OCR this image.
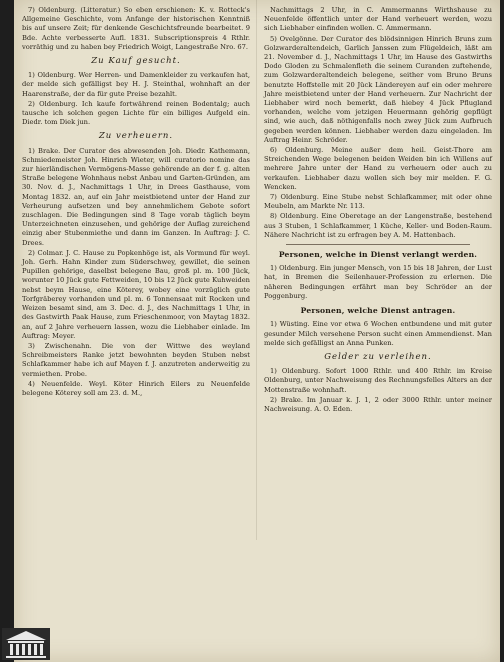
7) Oldenburg. (Litteratur.) So eben erschienen: K. v. Rotteck's Allgemeine Geschichte, vom Anfange der historischen Kenntniß bis auf unsere Zeit; für denkende Geschichtsfreunde bearbeitet. 9 Bde. Achte verbesserte Aufl. 1831. Subscriptionspreis 4 Rthlr. vorräthig und zu haben bey Friedrich Woigt, Langestraße Nro. 67.

Zu Kauf gesucht.

1) Oldenburg. Wer Herren- und Damenkleider zu verkaufen hat, der melde sich gefälligst bey H. J. Steinthal, wohnhaft an der Haarenstraße, der da für gute Preise bezahlt.

2) Oldenburg. Ich kaufe fortwährend reinen Bodentalg; auch tausche ich solchen gegen Lichte für ein billiges Aufgeld ein. Diedr. tom Diek jun.

Zu verheuern.

1) Brake. Der Curator des abwesenden Joh. Diedr. Kathemann, Schmiedemeister Joh. Hinrich Wieter, will curatorio nomine das zur hierländischen Vermögens-Masse gehörende an der f. g. alten Straße belegene Wohnhaus nebst Anbau und Garten-Gründen, am 30. Nov. d. J., Nachmittags 1 Uhr, in Drees Gasthause, vom Montag 1832. an, auf ein Jahr meistbietend unter der Hand zur Verheurung aufsetzen und bey annehmlichem Gebote sofort zuschlagen. Die Bedingungen sind 8 Tage vorab täglich beym Unterzeichneten einzusehen, und gehörige der Auflag zureichend einzig aber Stubenmiethe und dann im Ganzen. In Auftrag: J. C. Drees.

2) Colmar. J. C. Hause zu Popkenhöge ist, als Vormund für weyl. Joh. Gerh. Hahn Kinder zum Süderschwey, gewillet, die seinen Pupillen gehörige, daselbst belegene Bau, groß pl. m. 100 Jück, worunter 10 Jück gute Fettweiden, 10 bis 12 Jück gute Kuhweiden nebst beym Hause, eine Köterey, wobey eine vorzüglich gute Torfgräberey vorhanden und pl. m. 6 Tonnensaat mit Rocken und Weizen besamt sind, am 3. Dec. d. J., des Nachmittags 1 Uhr, in des Gastwirth Paak Hause, zum Frieschenmoor, von Maytag 1832. an, auf 2 Jahre verheuern lassen, wozu die Liebhaber einlade. Im Auftrag: Meyer.

3) Zwischenahn. Die von der Wittwe des weyland Schreibmeisters Ranke jetzt bewohnten beyden Stuben nebst Schlafkammer habe ich auf Mayen f. J. anzutreten anderweitig zu vermiethen. Probe.

4) Neuenfelde. Weyl. Köter Hinrich Eilers zu Neuenfelde belegene Köterey soll am 23. d. M.,

Nachmittags 2 Uhr, in C. Ammermanns Wirthshause zu Neuenfelde öffentlich unter der Hand verheuert werden, wozu sich Liebhaber einfinden wollen. C. Ammermann.

5) Ovelgönne. Der Curator des blödsinnigen Hinrich Bruns zum Golzwarderaltendeich, Garlich Janssen zum Flügeldeich, läßt am 21. November d. J., Nachmittags 1 Uhr, im Hause des Gastwirths Dodo Gloden zu Schmalenfleth die seinem Curanden zuftehende, zum Golzwarderaltendeich belegene, seither vom Bruno Bruns benutzte Hoffstelle mit 20 Jück Ländereyen auf ein oder mehrere Jahre meistbietend unter der Hand verheuern. Zur Nachricht der Liebhaber wird noch bemerkt, daß hiebey 4 Jück Pflugland vorhanden, welche vom jetzigen Heuermann gehörig gepflügt sind, wie auch, daß nöthigenfalls noch zwey Jück zum Aufbruch gegeben werden können. Liebhaber werden dazu eingeladen. Im Auftrag Heinr. Schröder.

6) Oldenburg. Meine außer dem heil. Geist-Thore am Streichenden Wege belegenen beiden Weiden bin ich Willens auf mehrere Jahre unter der Hand zu verheuern oder auch zu verkaufen. Liebhaber dazu wollen sich bey mir melden. F. G. Wencken.

7) Oldenburg. Eine Stube nebst Schlafkammer, mit oder ohne Meubeln, am Markte Nr. 113.

8) Oldenburg. Eine Oberetage an der Langenstraße, bestehend aus 3 Stuben, 1 Schlafkammer, 1 Küche, Keller- und Boden-Raum. Nähere Nachricht ist zu erfragen bey A. M. Hattenbach.

Personen, welche in Dienst verlangt werden.

1) Oldenburg. Ein junger Mensch, von 15 bis 18 Jahren, der Lust hat, in Bremen die Seilenhauer-Profession zu erlernen. Die näheren Bedingungen erfährt man bey Schröder an der Poggenburg.

Personen, welche Dienst antragen.

1) Wüsting. Eine vor etwa 6 Wochen entbundene und mit guter gesunder Milch versehene Person sucht einen Ammendienst. Man melde sich gefälligst an Anna Punken.

Gelder zu verleihen.

1) Oldenburg. Sofort 1000 Rthlr. und 400 Rthlr. im Kreise Oldenburg, unter Nachweisung des Rechnungsfelles Alters an der Mottenstraße wohnhaft.

2) Brake. Im Januar k. J. 1, 2 oder 3000 Rthlr. unter meiner Nachweisung. A. O. Eden.
